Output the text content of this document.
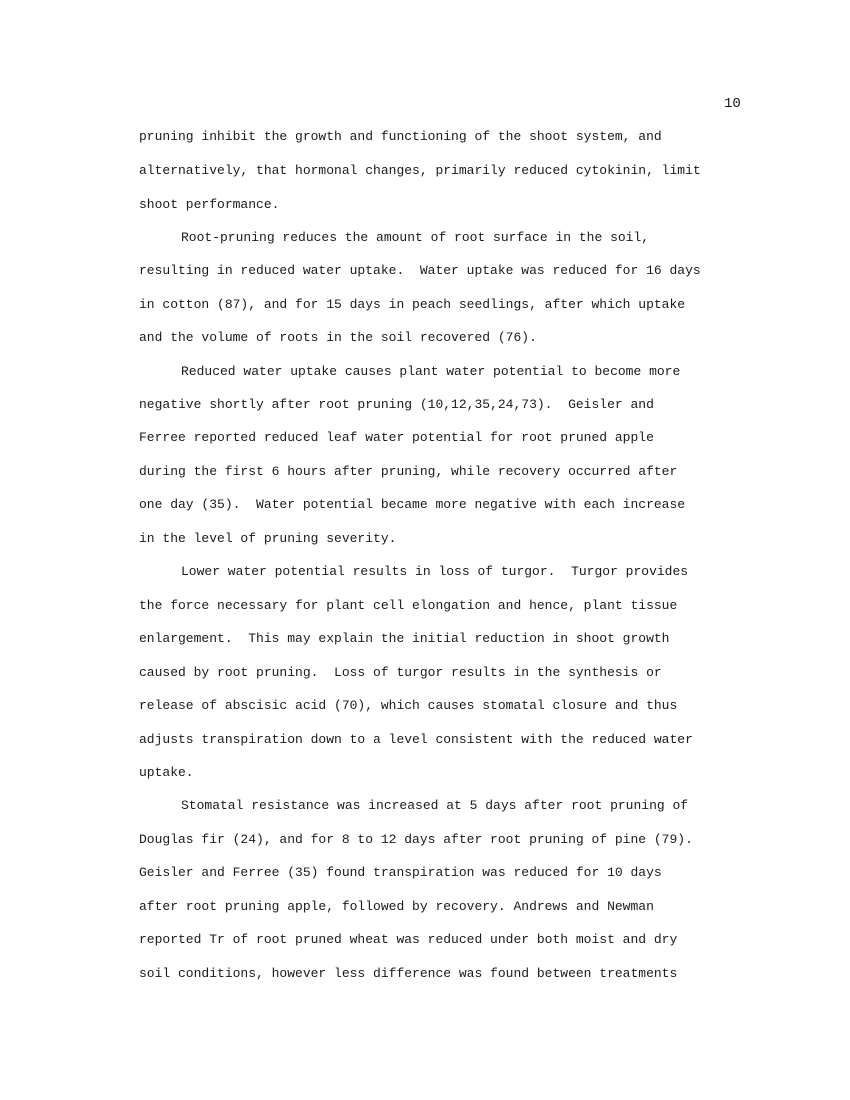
10
pruning inhibit the growth and functioning of the shoot system, and
alternatively, that hormonal changes, primarily reduced cytokinin, limit
shoot performance.
Root-pruning reduces the amount of root surface in the soil,
resulting in reduced water uptake.  Water uptake was reduced for 16 days
in cotton (87), and for 15 days in peach seedlings, after which uptake
and the volume of roots in the soil recovered (76).
Reduced water uptake causes plant water potential to become more
negative shortly after root pruning (10,12,35,24,73).  Geisler and
Ferree reported reduced leaf water potential for root pruned apple
during the first 6 hours after pruning, while recovery occurred after
one day (35).  Water potential became more negative with each increase
in the level of pruning severity.
Lower water potential results in loss of turgor.  Turgor provides
the force necessary for plant cell elongation and hence, plant tissue
enlargement.  This may explain the initial reduction in shoot growth
caused by root pruning.  Loss of turgor results in the synthesis or
release of abscisic acid (70), which causes stomatal closure and thus
adjusts transpiration down to a level consistent with the reduced water
uptake.
Stomatal resistance was increased at 5 days after root pruning of
Douglas fir (24), and for 8 to 12 days after root pruning of pine (79).
Geisler and Ferree (35) found transpiration was reduced for 10 days
after root pruning apple, followed by recovery. Andrews and Newman
reported Tr of root pruned wheat was reduced under both moist and dry
soil conditions, however less difference was found between treatments
